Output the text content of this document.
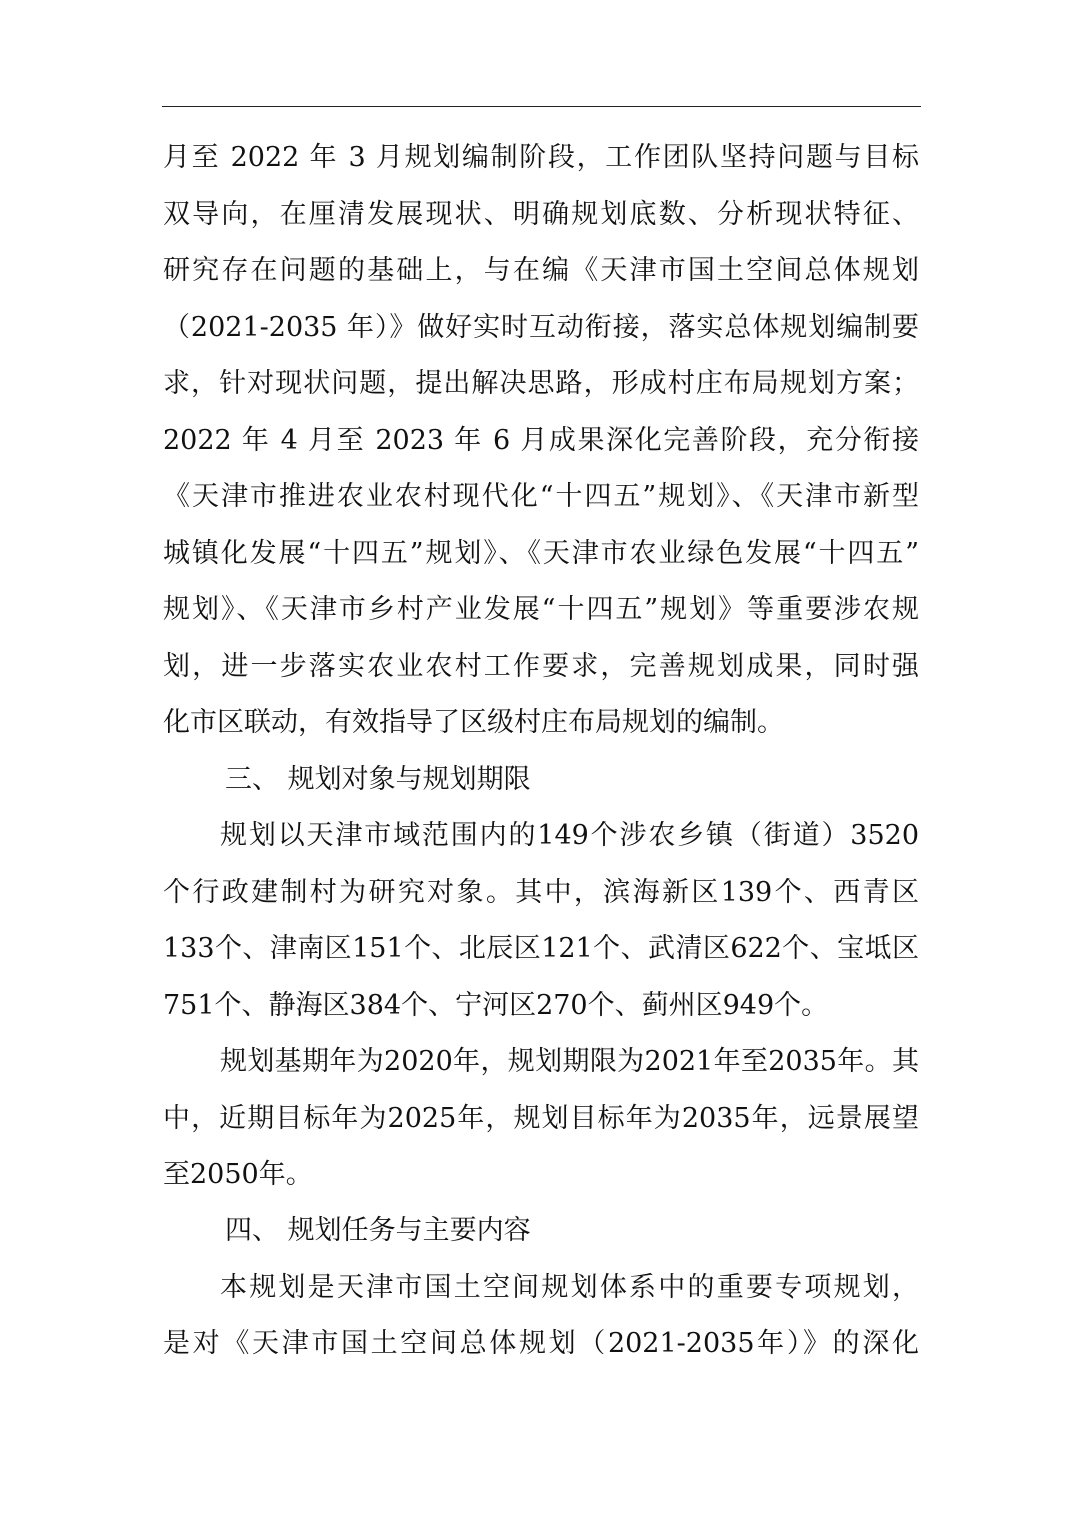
月至 2022 年 3 月规划编制阶段，工作团队坚持问题与目标
双导向，在厘清发展现状、明确规划底数、分析现状特征、
研究存在问题的基础上，与在编《天津市国土空间总体规划
（2021-2035 年）》做好实时互动衔接，落实总体规划编制要
求，针对现状问题，提出解决思路，形成村庄布局规划方案；
2022 年 4 月至 2023 年 6 月成果深化完善阶段，充分衔接
《天津市推进农业农村现代化“十四五”规划》、《天津市新型
城镇化发展“十四五”规划》、《天津市农业绿色发展“十四五”
规划》、《天津市乡村产业发展“十四五”规划》等重要涉农规
划，进一步落实农业农村工作要求，完善规划成果，同时强
化市区联动，有效指导了区级村庄布局规划的编制。
三、 规划对象与规划期限
规划以天津市域范围内的149个涉农乡镇（街道）3520
个行政建制村为研究对象。其中，滨海新区139个、西青区
133个、津南区151个、北辰区121个、武清区622个、宝坻区
751个、静海区384个、宁河区270个、蓟州区949个。
规划基期年为2020年，规划期限为2021年至2035年。其
中，近期目标年为2025年，规划目标年为2035年，远景展望
至2050年。
四、 规划任务与主要内容
本规划是天津市国土空间规划体系中的重要专项规划，
是对《天津市国土空间总体规划（2021-2035年）》的深化
